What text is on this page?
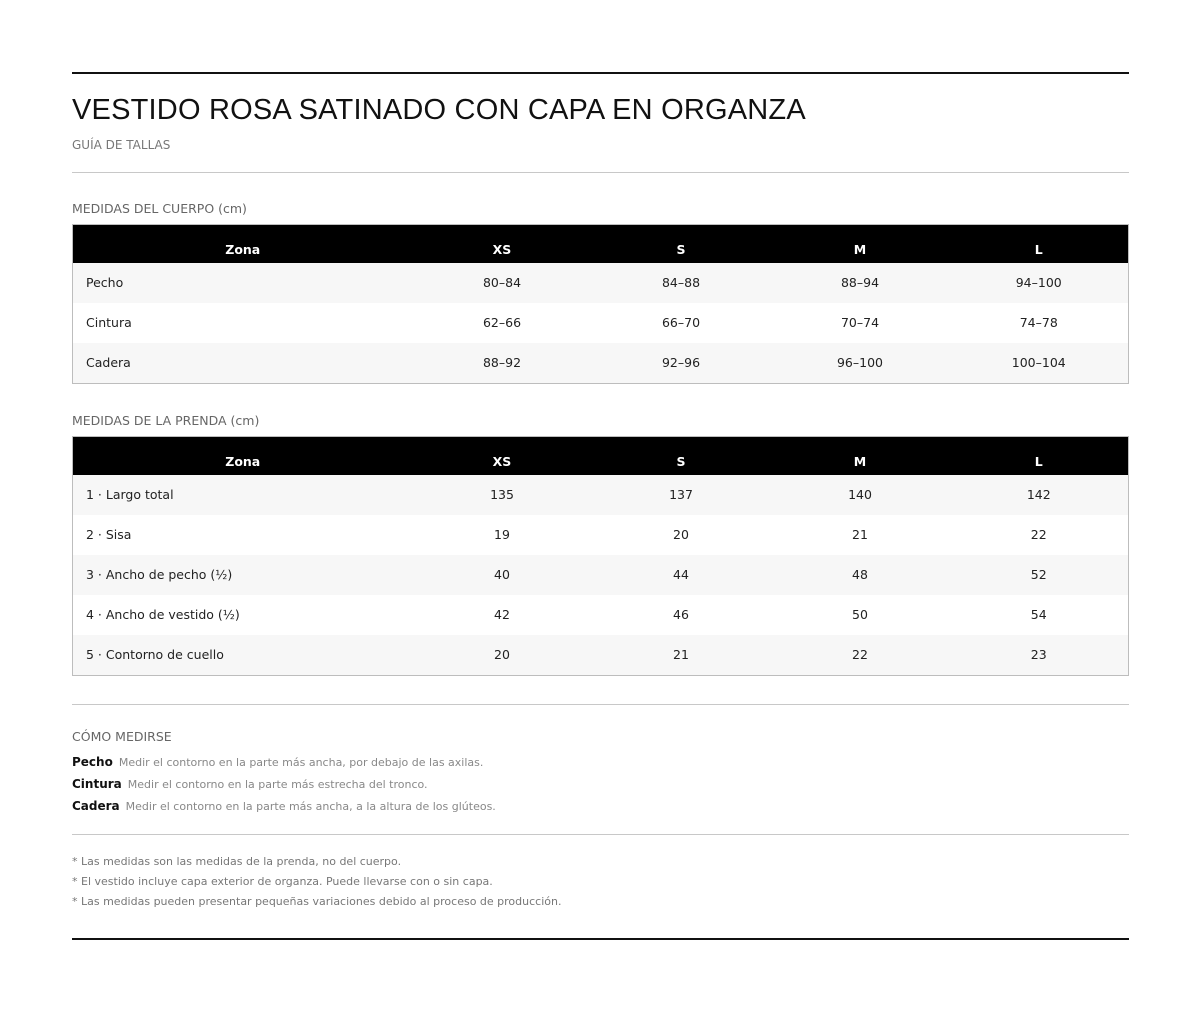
VESTIDO ROSA SATINADO CON CAPA EN ORGANZA
GUÍA DE TALLAS
MEDIDAS DEL CUERPO (cm)
Zona	XS	S	M	L
Pecho	80–84	84–88	88–94	94–100
Cintura	62–66	66–70	70–74	74–78
Cadera	88–92	92–96	96–100	100–104
MEDIDAS DE LA PRENDA (cm)
Zona	XS	S	M	L
1 · Largo total	135	137	140	142
2 · Sisa	19	20	21	22
3 · Ancho de pecho (½)	40	44	48	52
4 · Ancho de vestido (½)	42	46	50	54
5 · Contorno de cuello	20	21	22	23
CÓMO MEDIRSE
Pecho Medir el contorno en la parte más ancha, por debajo de las axilas.
Cintura Medir el contorno en la parte más estrecha del tronco.
Cadera Medir el contorno en la parte más ancha, a la altura de los glúteos.
* Las medidas son las medidas de la prenda, no del cuerpo.
* El vestido incluye capa exterior de organza. Puede llevarse con o sin capa.
* Las medidas pueden presentar pequeñas variaciones debido al proceso de producción.
